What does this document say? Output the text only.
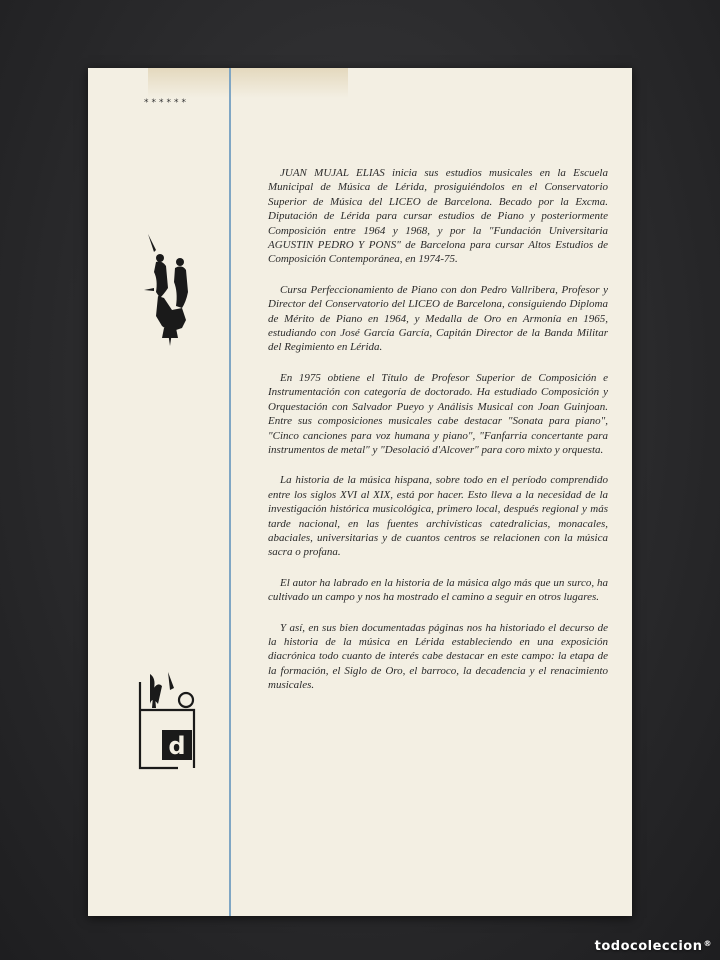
******
d

JUAN MUJAL ELIAS inicia sus estudios musicales en la Escuela Municipal de Música de Lérida, prosiguiéndolos en el Conservatorio Superior de Música del LICEO de Barcelona. Becado por la Excma. Diputación de Lérida para cursar estudios de Piano y posteriormente Composición entre 1964 y 1968, y por la "Fundación Universitaria AGUSTIN PEDRO Y PONS" de Barcelona para cursar Altos Estudios de Composición Contemporánea, en 1974-75.

Cursa Perfeccionamiento de Piano con don Pedro Vallribera, Profesor y Director del Conservatorio del LICEO de Barcelona, consiguiendo Diploma de Mérito de Piano en 1964, y Medalla de Oro en Armonía en 1965, estudiando con José García García, Capitán Director de la Banda Militar del Regimiento en Lérida.

En 1975 obtiene el Título de Profesor Superior de Composición e Instrumentación con categoría de doctorado. Ha estudiado Composición y Orquestación con Salvador Pueyo y Análisis Musical con Joan Guinjoan. Entre sus composiciones musicales cabe destacar "Sonata para piano", "Cinco canciones para voz humana y piano", "Fanfarria concertante para instrumentos de metal" y "Desolació d'Alcover" para coro mixto y orquesta.

La historia de la música hispana, sobre todo en el período comprendido entre los siglos XVI al XIX, está por hacer. Esto lleva a la necesidad de la investigación histórica musicológica, primero local, después regional y más tarde nacional, en las fuentes archivísticas catedralicias, monacales, abaciales, universitarias y de cuantos centros se relacionen con la música sacra o profana.

El autor ha labrado en la historia de la música algo más que un surco, ha cultivado un campo y nos ha mostrado el camino a seguir en otros lugares.

Y así, en sus bien documentadas páginas nos ha historiado el decurso de la historia de la música en Lérida estableciendo en una exposición diacrónica todo cuanto de interés cabe destacar en este campo: la etapa de la formación, el Siglo de Oro, el barroco, la decadencia y el renacimiento musicales.

todocoleccion®
